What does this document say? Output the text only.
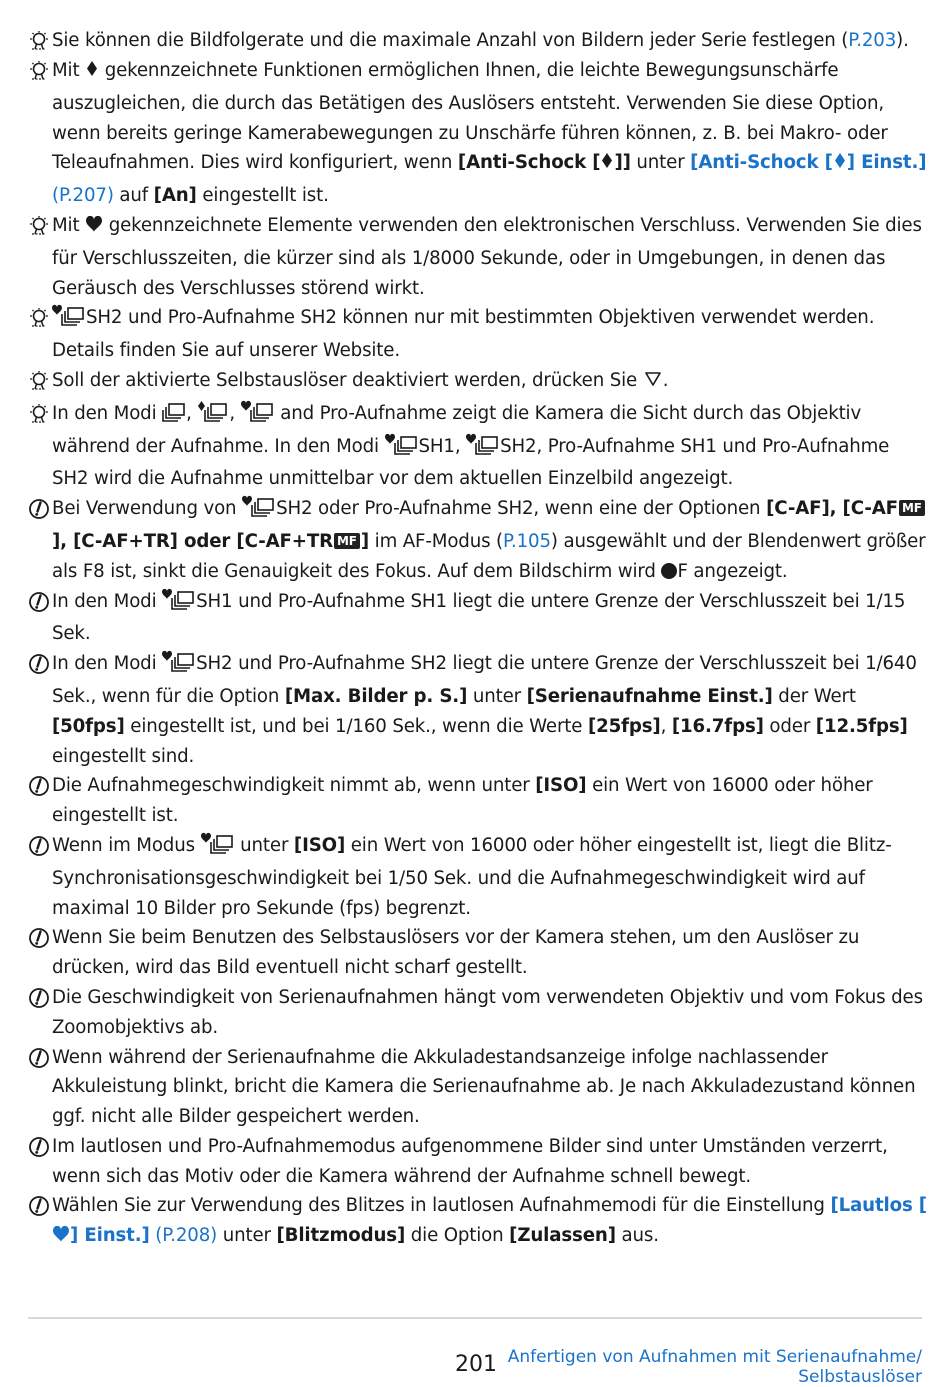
Sie können die Bildfolgerate und die maximale Anzahl von Bildern jeder Serie festlegen (P.203).
Mit  gekennzeichnete Funktionen ermöglichen Ihnen, die leichte Bewegungsunschärfe auszugleichen, die durch das Betätigen des Auslösers entsteht. Verwenden Sie diese Option, wenn bereits geringe Kamerabewegungen zu Unschärfe führen können, z. B. bei Makro- oder Teleaufnahmen. Dies wird konfiguriert, wenn [Anti-Schock [ ]] unter [Anti-Schock [ ] Einst.] (P.207) auf [An] eingestellt ist.
Mit  gekennzeichnete Elemente verwenden den elektronischen Verschluss. Verwenden Sie dies für Verschlusszeiten, die kürzer sind als 1/8000 Sekunde, oder in Umgebungen, in denen das Geräusch des Verschlusses störend wirkt.
SH2 und Pro-Aufnahme SH2 können nur mit bestimmten Objektiven verwendet werden. Details finden Sie auf unserer Website.
Soll der aktivierte Selbstauslöser deaktiviert werden, drücken Sie .
In den Modi , ,  and Pro-Aufnahme zeigt die Kamera die Sicht durch das Objektiv während der Aufnahme. In den Modi SH1, SH2, Pro-Aufnahme SH1 und Pro-Aufnahme SH2 wird die Aufnahme unmittelbar vor dem aktuellen Einzelbild angezeigt.
Bei Verwendung von SH2 oder Pro-Aufnahme SH2, wenn eine der Optionen [C-AF], [C-AF MF], [C-AF+TR] oder [C-AF+TR MF ] im AF-Modus (P.105) ausgewählt und der Blendenwert größer als F8 ist, sinkt die Genauigkeit des Fokus. Auf dem Bildschirm wird F angezeigt.
In den Modi SH1 und Pro-Aufnahme SH1 liegt die untere Grenze der Verschlusszeit bei 1/15 Sek.
In den Modi SH2 und Pro-Aufnahme SH2 liegt die untere Grenze der Verschlusszeit bei 1/640 Sek., wenn für die Option [Max. Bilder p. S.] unter [Serienaufnahme Einst.] der Wert [50fps] eingestellt ist, und bei 1/160 Sek., wenn die Werte [25fps], [16.7fps] oder [12.5fps] eingestellt sind.
Die Aufnahmegeschwindigkeit nimmt ab, wenn unter [ISO] ein Wert von 16000 oder höher eingestellt ist.
Wenn im Modus  unter [ISO] ein Wert von 16000 oder höher eingestellt ist, liegt die Blitz-Synchronisationsgeschwindigkeit bei 1/50 Sek. und die Aufnahmegeschwindigkeit wird auf maximal 10 Bilder pro Sekunde (fps) begrenzt.
Wenn Sie beim Benutzen des Selbstauslösers vor der Kamera stehen, um den Auslöser zu drücken, wird das Bild eventuell nicht scharf gestellt.
Die Geschwindigkeit von Serienaufnahmen hängt vom verwendeten Objektiv und vom Fokus des Zoomobjektivs ab.
Wenn während der Serienaufnahme die Akkuladestandsanzeige infolge nachlassender Akkuleistung blinkt, bricht die Kamera die Serienaufnahme ab. Je nach Akkuladezustand können ggf. nicht alle Bilder gespeichert werden.
Im lautlosen und Pro-Aufnahmemodus aufgenommene Bilder sind unter Umständen verzerrt, wenn sich das Motiv oder die Kamera während der Aufnahme schnell bewegt.
Wählen Sie zur Verwendung des Blitzes in lautlosen Aufnahmemodi für die Einstellung [Lautlos [] Einst.] (P.208) unter [Blitzmodus] die Option [Zulassen] aus.
201 Anfertigen von Aufnahmen mit Serienaufnahme/
Selbstauslöser
